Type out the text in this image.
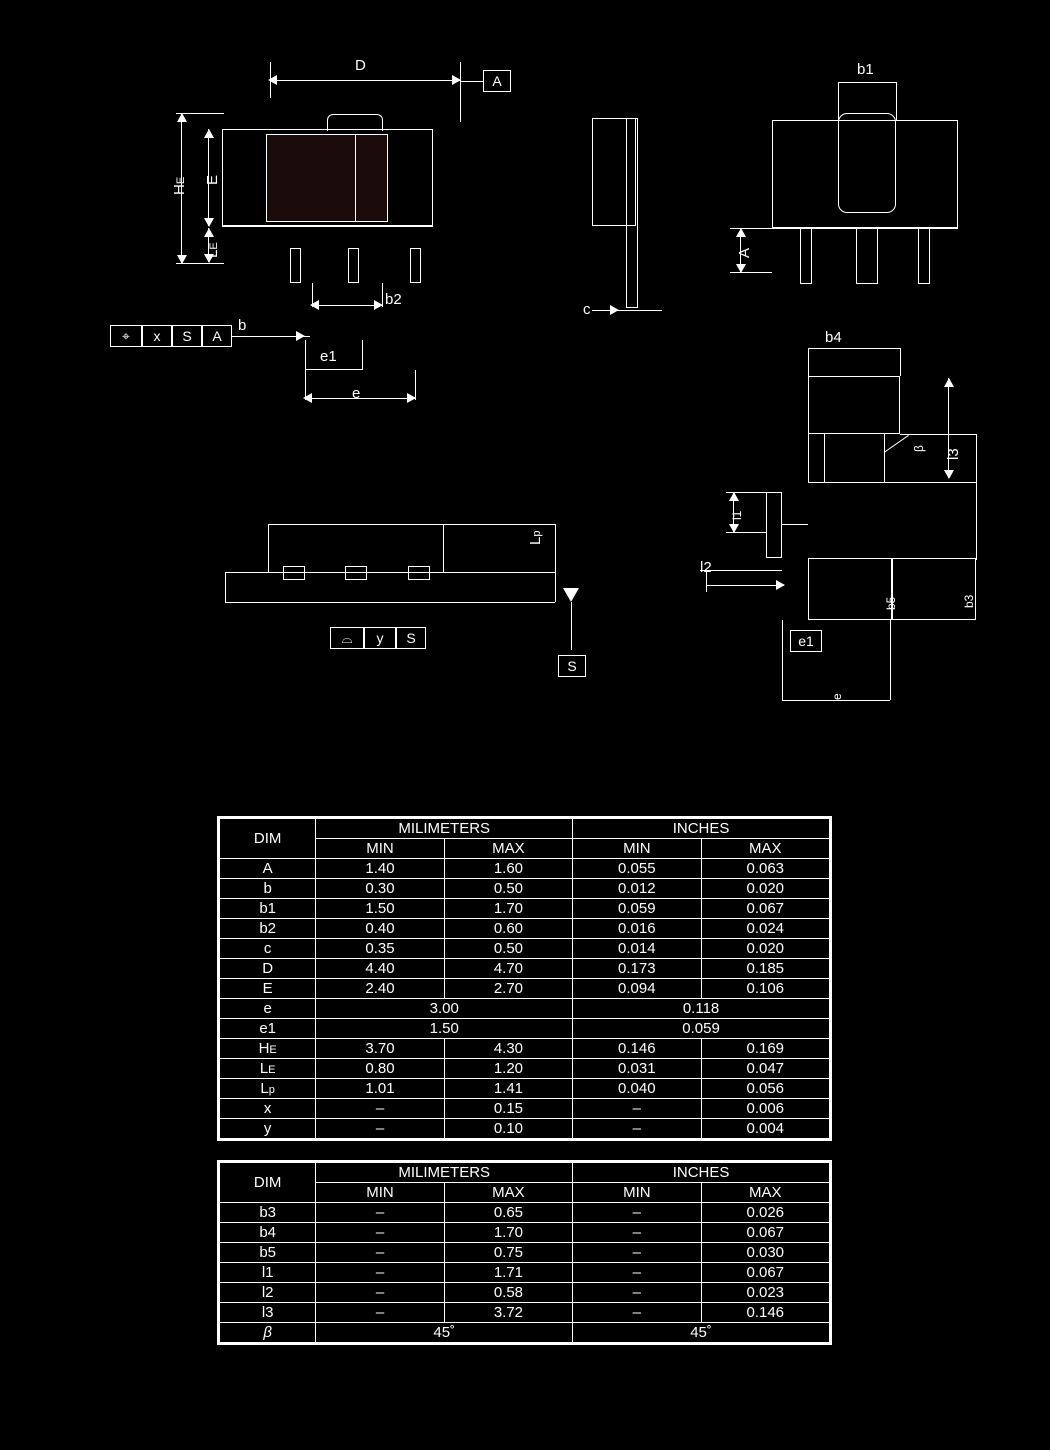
D
A
HE E
LE
b2
b
⌖	x	S	A
e1
e
c
b1
A
Lp
⌓	y	S
S
b4
β l3
l1
l2
b5	b3
e1
e
DIM	MILIMETERS		INCHES	
	MIN	MAX	MIN	MAX
A	1.40	1.60	0.055	0.063
b	0.30	0.50	0.012	0.020
b1	1.50	1.70	0.059	0.067
b2	0.40	0.60	0.016	0.024
c	0.35	0.50	0.014	0.020
D	4.40	4.70	0.173	0.185
E	2.40	2.70	0.094	0.106
e	3.00		0.118	
e1	1.50		0.059	
HE	3.70	4.30	0.146	0.169
LE	0.80	1.20	0.031	0.047
Lp	1.01	1.41	0.040	0.056
x	–	0.15	–	0.006
y	–	0.10	–	0.004
DIM	MILIMETERS		INCHES	
	MIN	MAX	MIN	MAX
b3	–	0.65	–	0.026
b4	–	1.70	–	0.067
b5	–	0.75	–	0.030
l1	–	1.71	–	0.067
l2	–	0.58	–	0.023
l3	–	3.72	–	0.146
β	45˚		45˚	
